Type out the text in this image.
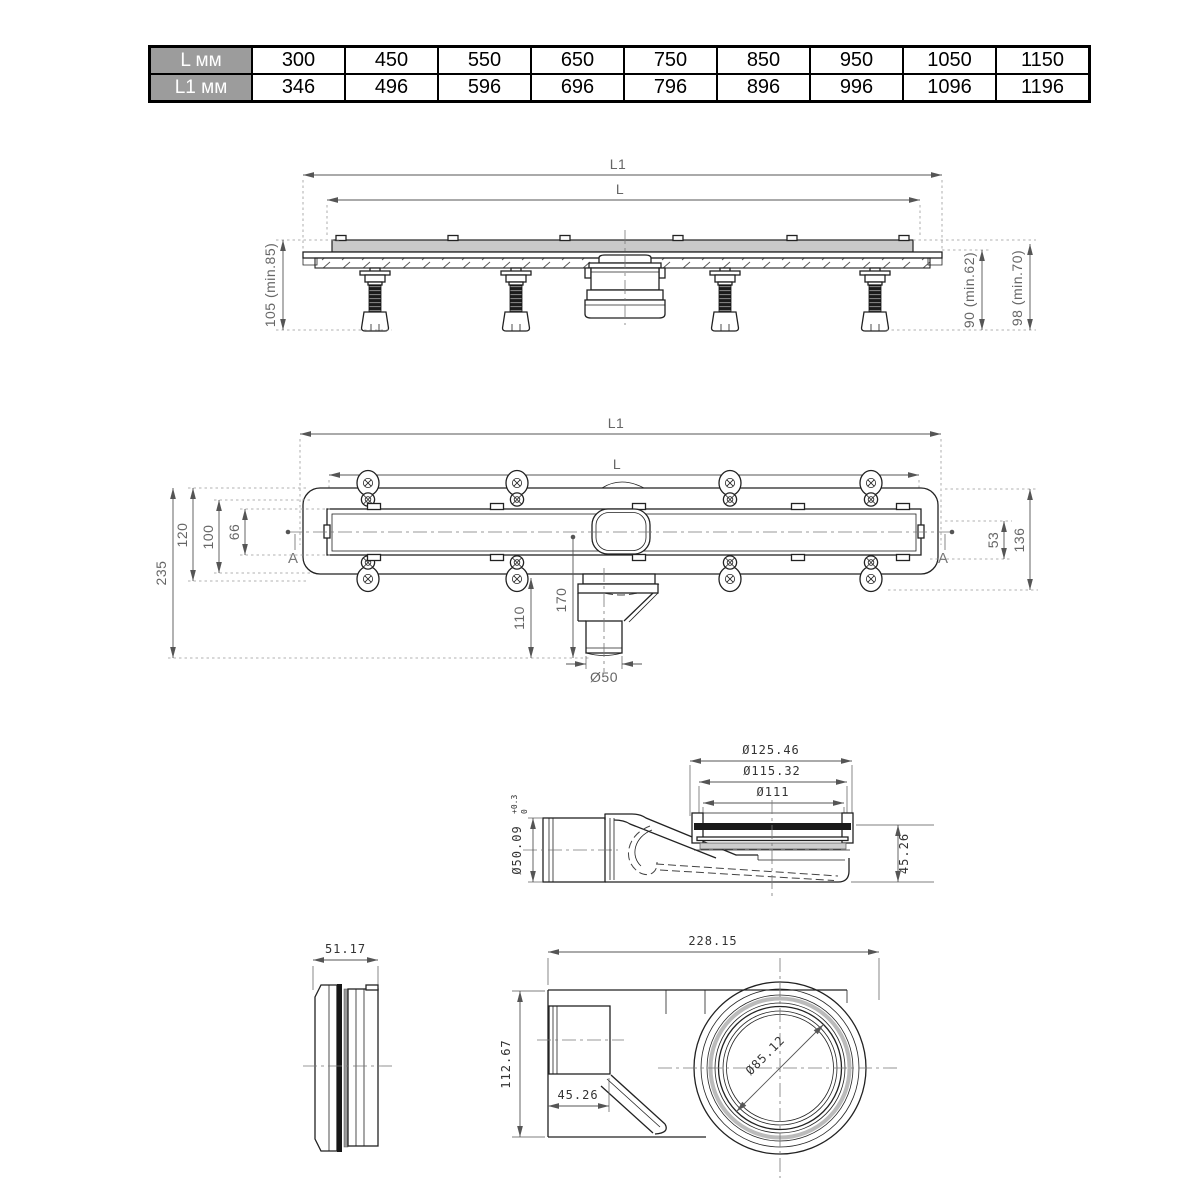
L мм	300	450	550	650	750	850	950	1050	1150
L1 мм	346	496	596	696	796	896	996	1096	1196
L1
L
105 (min.85)	90 (min.62) 98 (min.70)
L1
L
A	A
66
100
120
235
53 136
110
170
Ø50
Ø125.46
Ø115.32
Ø111
Ø50.09
+0.3 0
45.26
51.17
228.15
Ø85.12
112.67
45.26
